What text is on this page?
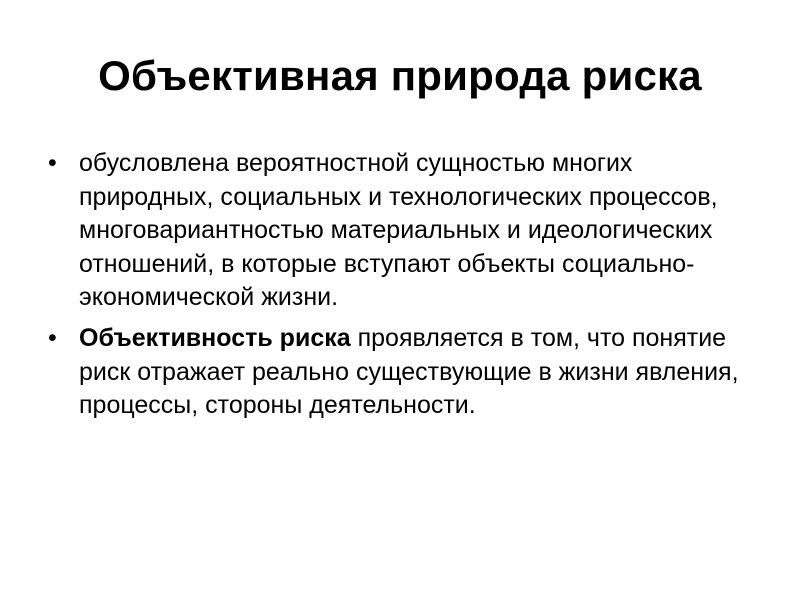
Объективная природа риска
• обусловлена вероятностной сущностью многих природных, социальных и технологических процессов, многовариантностью материальных и идеологических отношений, в которые вступают объекты социально-экономической жизни.
• Объективность риска проявляется в том, что понятие риск отражает реально существующие в жизни явления, процессы, стороны деятельности.
